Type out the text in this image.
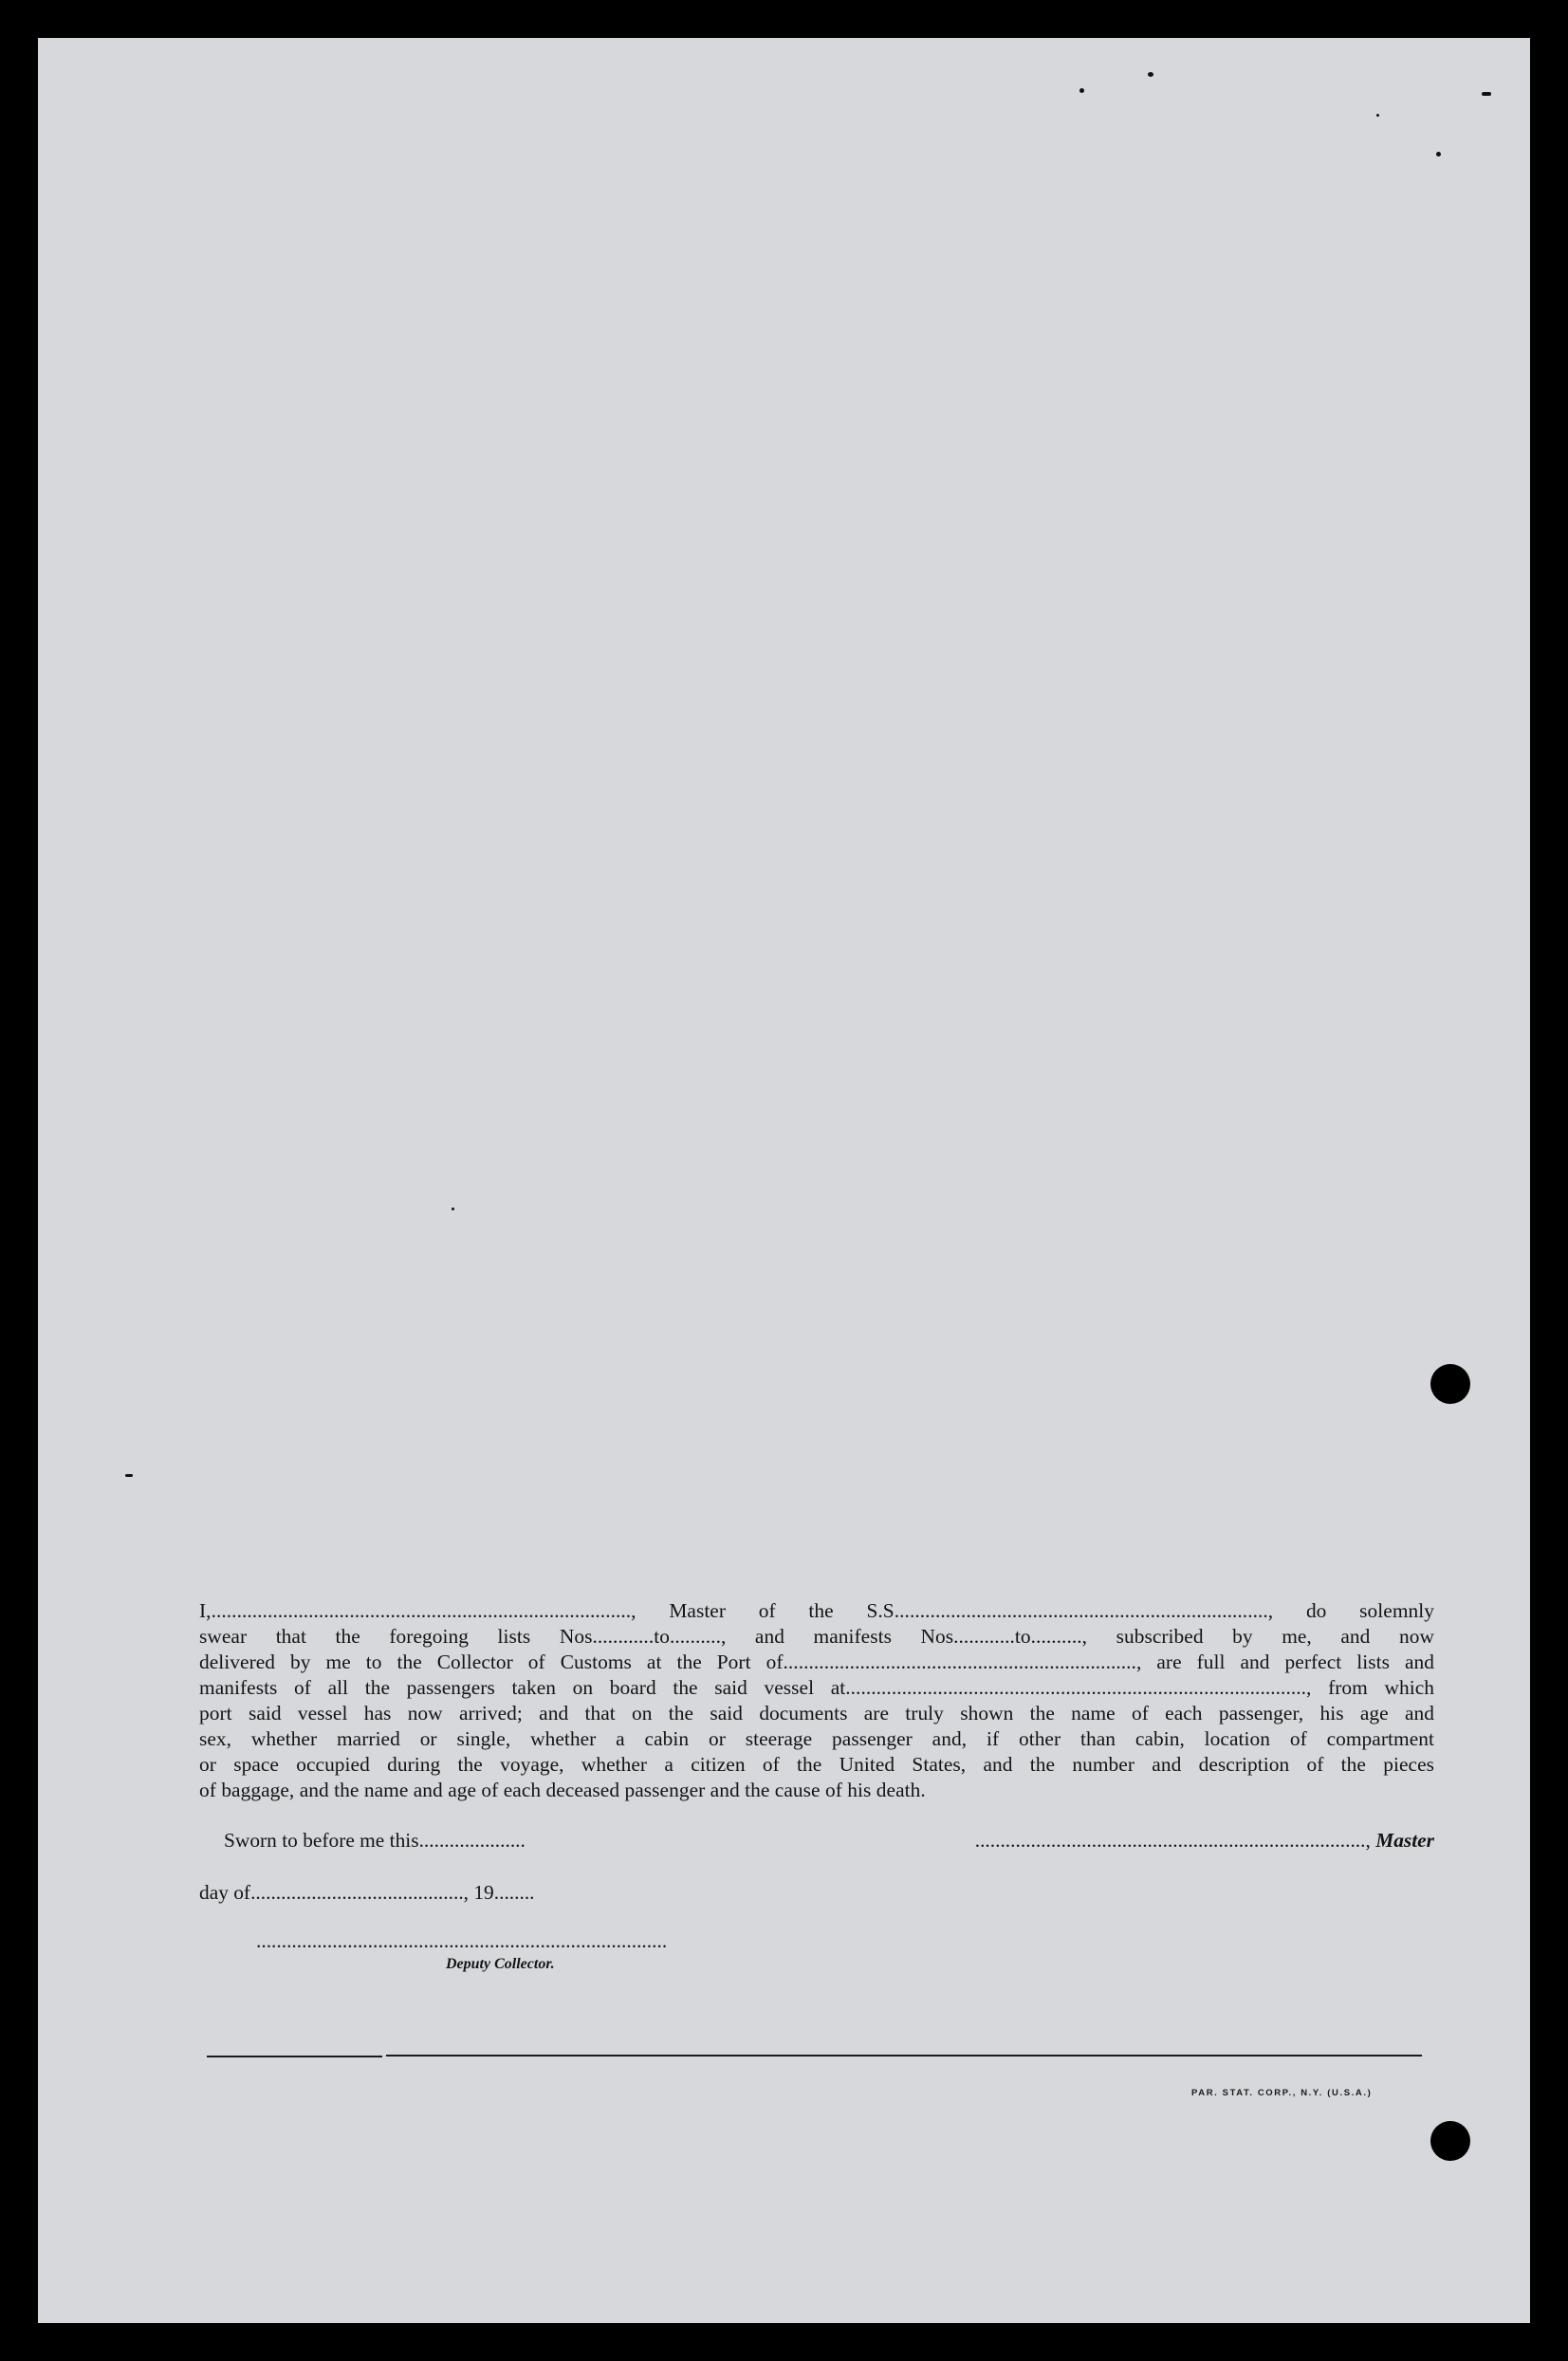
I,.................................................................................., Master of the S.S........................................................................., do solemnly
swear that the foregoing lists Nos............to.........., and manifests Nos............to.........., subscribed by me, and now
delivered by me to the Collector of Customs at the Port of....................................................................., are full and perfect lists and
manifests of all the passengers taken on board the said vessel at.........................................................................................., from which
port said vessel has now arrived; and that on the said documents are truly shown the name of each passenger, his age and
sex, whether married or single, whether a cabin or steerage passenger and, if other than cabin, location of compartment
or space occupied during the voyage, whether a citizen of the United States, and the number and description of the pieces
of baggage, and the name and age of each deceased passenger and the cause of his death.
Sworn to before me this.....................	............................................................................., Master
day of.........................................., 19........
.................................................................................
Deputy Collector.
PAR. STAT. CORP., N.Y. (U.S.A.)
